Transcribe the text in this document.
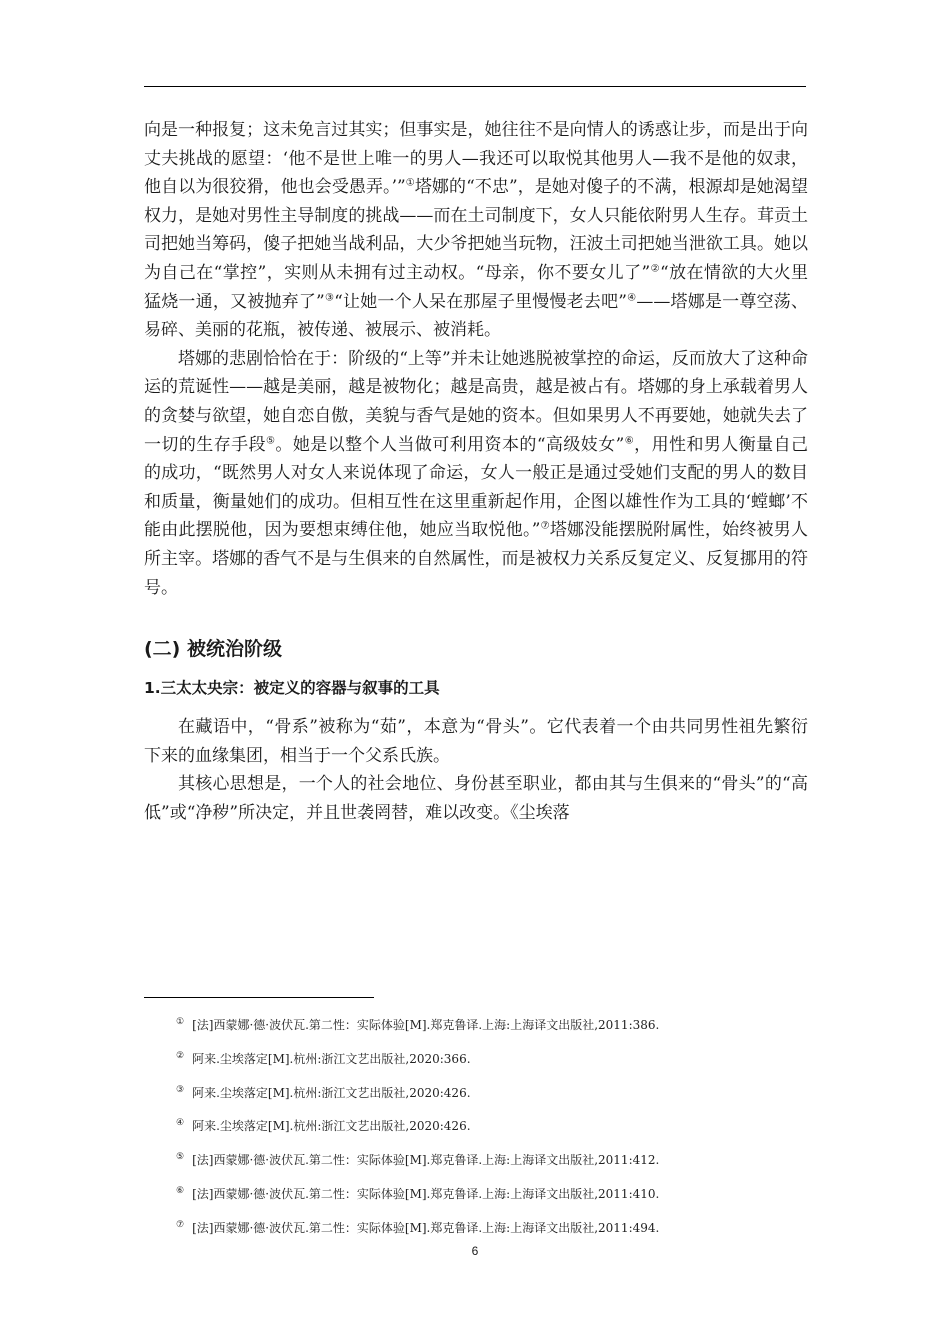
向是一种报复；这未免言过其实；但事实是，她往往不是向情人的诱惑让步，而是出于向丈夫挑战的愿望：‘他不是世上唯一的男人—我还可以取悦其他男人—我不是他的奴隶，他自以为很狡猾，他也会受愚弄。’”①塔娜的“不忠”，是她对傻子的不满，根源却是她渴望权力，是她对男性主导制度的挑战——而在土司制度下，女人只能依附男人生存。茸贡土司把她当筹码，傻子把她当战利品，大少爷把她当玩物，汪波土司把她当泄欲工具。她以为自己在“掌控”，实则从未拥有过主动权。“母亲，你不要女儿了”②“放在情欲的大火里猛烧一通，又被抛弃了”③“让她一个人呆在那屋子里慢慢老去吧”④——塔娜是一尊空荡、易碎、美丽的花瓶，被传递、被展示、被消耗。

塔娜的悲剧恰恰在于：阶级的“上等”并未让她逃脱被掌控的命运，反而放大了这种命运的荒诞性——越是美丽，越是被物化；越是高贵，越是被占有。塔娜的身上承载着男人的贪婪与欲望，她自恋自傲，美貌与香气是她的资本。但如果男人不再要她，她就失去了一切的生存手段⑤。她是以整个人当做可利用资本的“高级妓女”⑥，用性和男人衡量自己的成功，“既然男人对女人来说体现了命运，女人一般正是通过受她们支配的男人的数目和质量，衡量她们的成功。但相互性在这里重新起作用，企图以雄性作为工具的‘螳螂’不能由此摆脱他，因为要想束缚住他，她应当取悦他。”⑦塔娜没能摆脱附属性，始终被男人所主宰。塔娜的香气不是与生俱来的自然属性，而是被权力关系反复定义、反复挪用的符号。

(二) 被统治阶级
1.三太太央宗：被定义的容器与叙事的工具

在藏语中，“骨系”被称为“茹”，本意为“骨头”。它代表着一个由共同男性祖先繁衍下来的血缘集团，相当于一个父系氏族。

其核心思想是，一个人的社会地位、身份甚至职业，都由其与生俱来的“骨头”的“高低”或“净秽”所决定，并且世袭罔替，难以改变。《尘埃落

① [法]西蒙娜·德·波伏瓦.第二性：实际体验[M].郑克鲁译.上海:上海译文出版社,2011:386.

② 阿来.尘埃落定[M].杭州:浙江文艺出版社,2020:366.

③ 阿来.尘埃落定[M].杭州:浙江文艺出版社,2020:426.

④ 阿来.尘埃落定[M].杭州:浙江文艺出版社,2020:426.

⑤ [法]西蒙娜·德·波伏瓦.第二性：实际体验[M].郑克鲁译.上海:上海译文出版社,2011:412.

⑥ [法]西蒙娜·德·波伏瓦.第二性：实际体验[M].郑克鲁译.上海:上海译文出版社,2011:410.

⑦ [法]西蒙娜·德·波伏瓦.第二性：实际体验[M].郑克鲁译.上海:上海译文出版社,2011:494.

6
